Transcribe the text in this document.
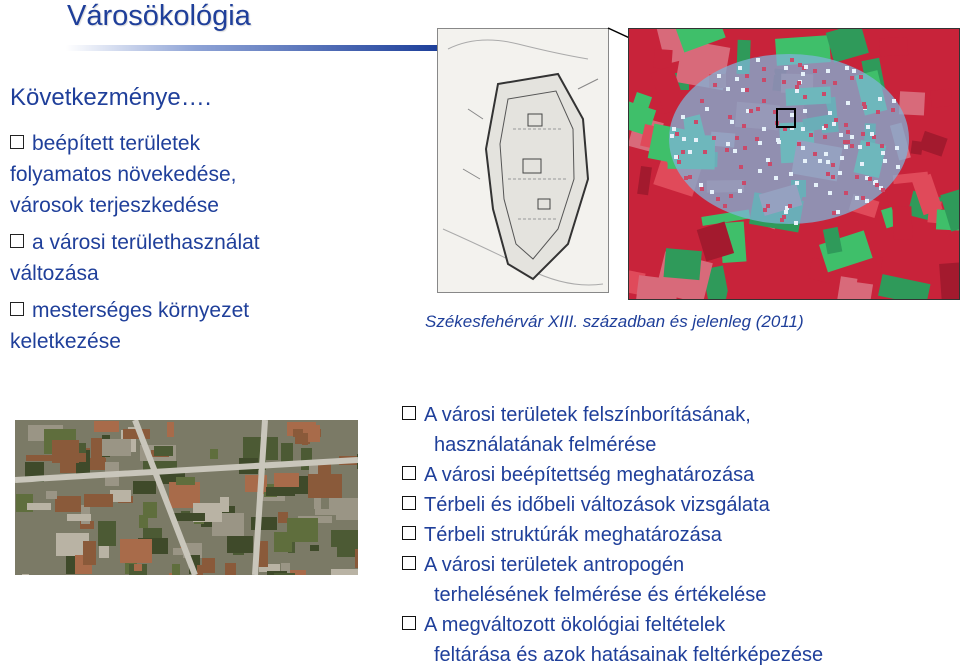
Városökológia
Következménye….
beépített területek
folyamatos növekedése,
városok terjeszkedése
a városi területhasználat
változása
mesterséges környezet
keletkezése
Székesfehérvár XIII. században és jelenleg (2011)
A városi területek felszínborításának,
használatának felmérése
A városi beépítettség meghatározása
Térbeli és időbeli változások vizsgálata
Térbeli struktúrák meghatározása
A városi területek antropogén
terhelésének felmérése és értékelése
A megváltozott ökológiai feltételek
feltárása és azok hatásainak feltérképezése
